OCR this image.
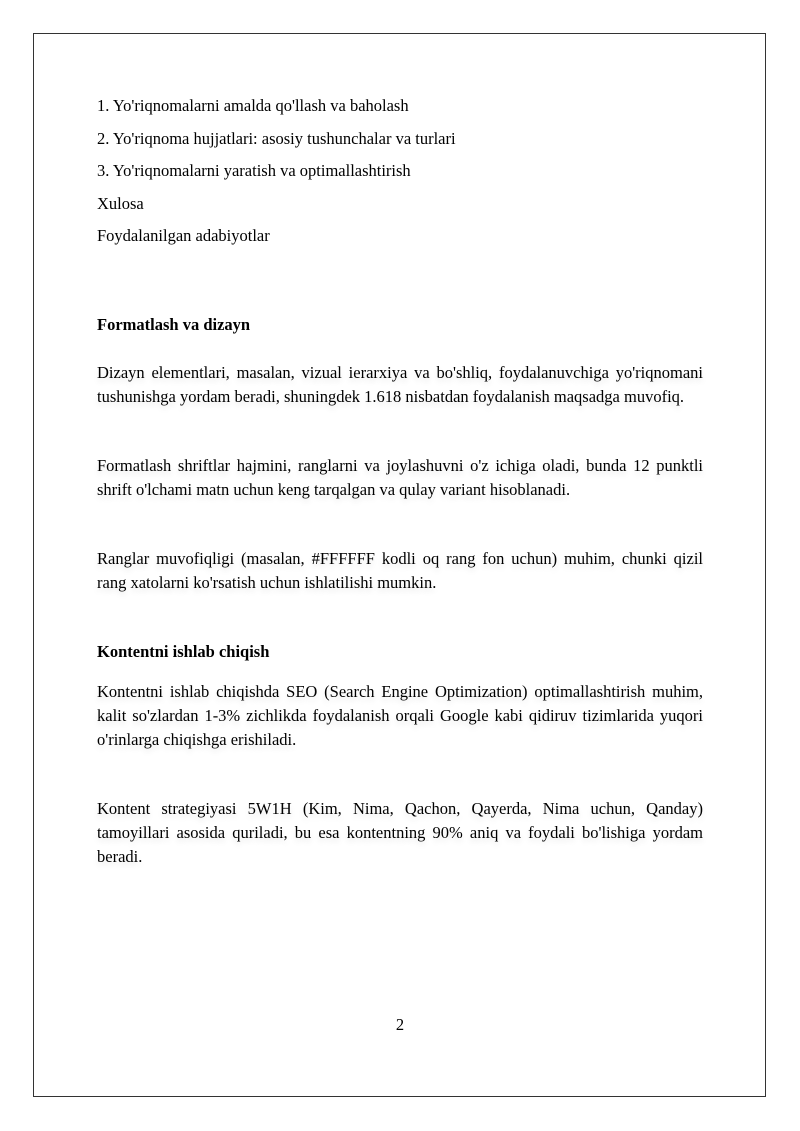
1. Yo'riqnomalarni amalda qo'llash va baholash

2. Yo'riqnoma hujjatlari: asosiy tushunchalar va turlari

3. Yo'riqnomalarni yaratish va optimallashtirish

Xulosa

Foydalanilgan adabiyotlar

Formatlash va dizayn

Dizayn elementlari, masalan, vizual ierarxiya va bo'shliq, foydalanuvchiga yo'riqnomani tushunishga yordam beradi, shuningdek 1.618 nisbatdan foydalanish maqsadga muvofiq.

Formatlash shriftlar hajmini, ranglarni va joylashuvni o'z ichiga oladi, bunda 12 punktli shrift o'lchami matn uchun keng tarqalgan va qulay variant hisoblanadi.

Ranglar muvofiqligi (masalan, #FFFFFF kodli oq rang fon uchun) muhim, chunki qizil rang xatolarni ko'rsatish uchun ishlatilishi mumkin.

Kontentni ishlab chiqish

Kontentni ishlab chiqishda SEO (Search Engine Optimization) optimallashtirish muhim, kalit so'zlardan 1-3% zichlikda foydalanish orqali Google kabi qidiruv tizimlarida yuqori o'rinlarga chiqishga erishiladi.

Kontent strategiyasi 5W1H (Kim, Nima, Qachon, Qayerda, Nima uchun, Qanday) tamoyillari asosida quriladi, bu esa kontentning 90% aniq va foydali bo'lishiga yordam beradi.

2
